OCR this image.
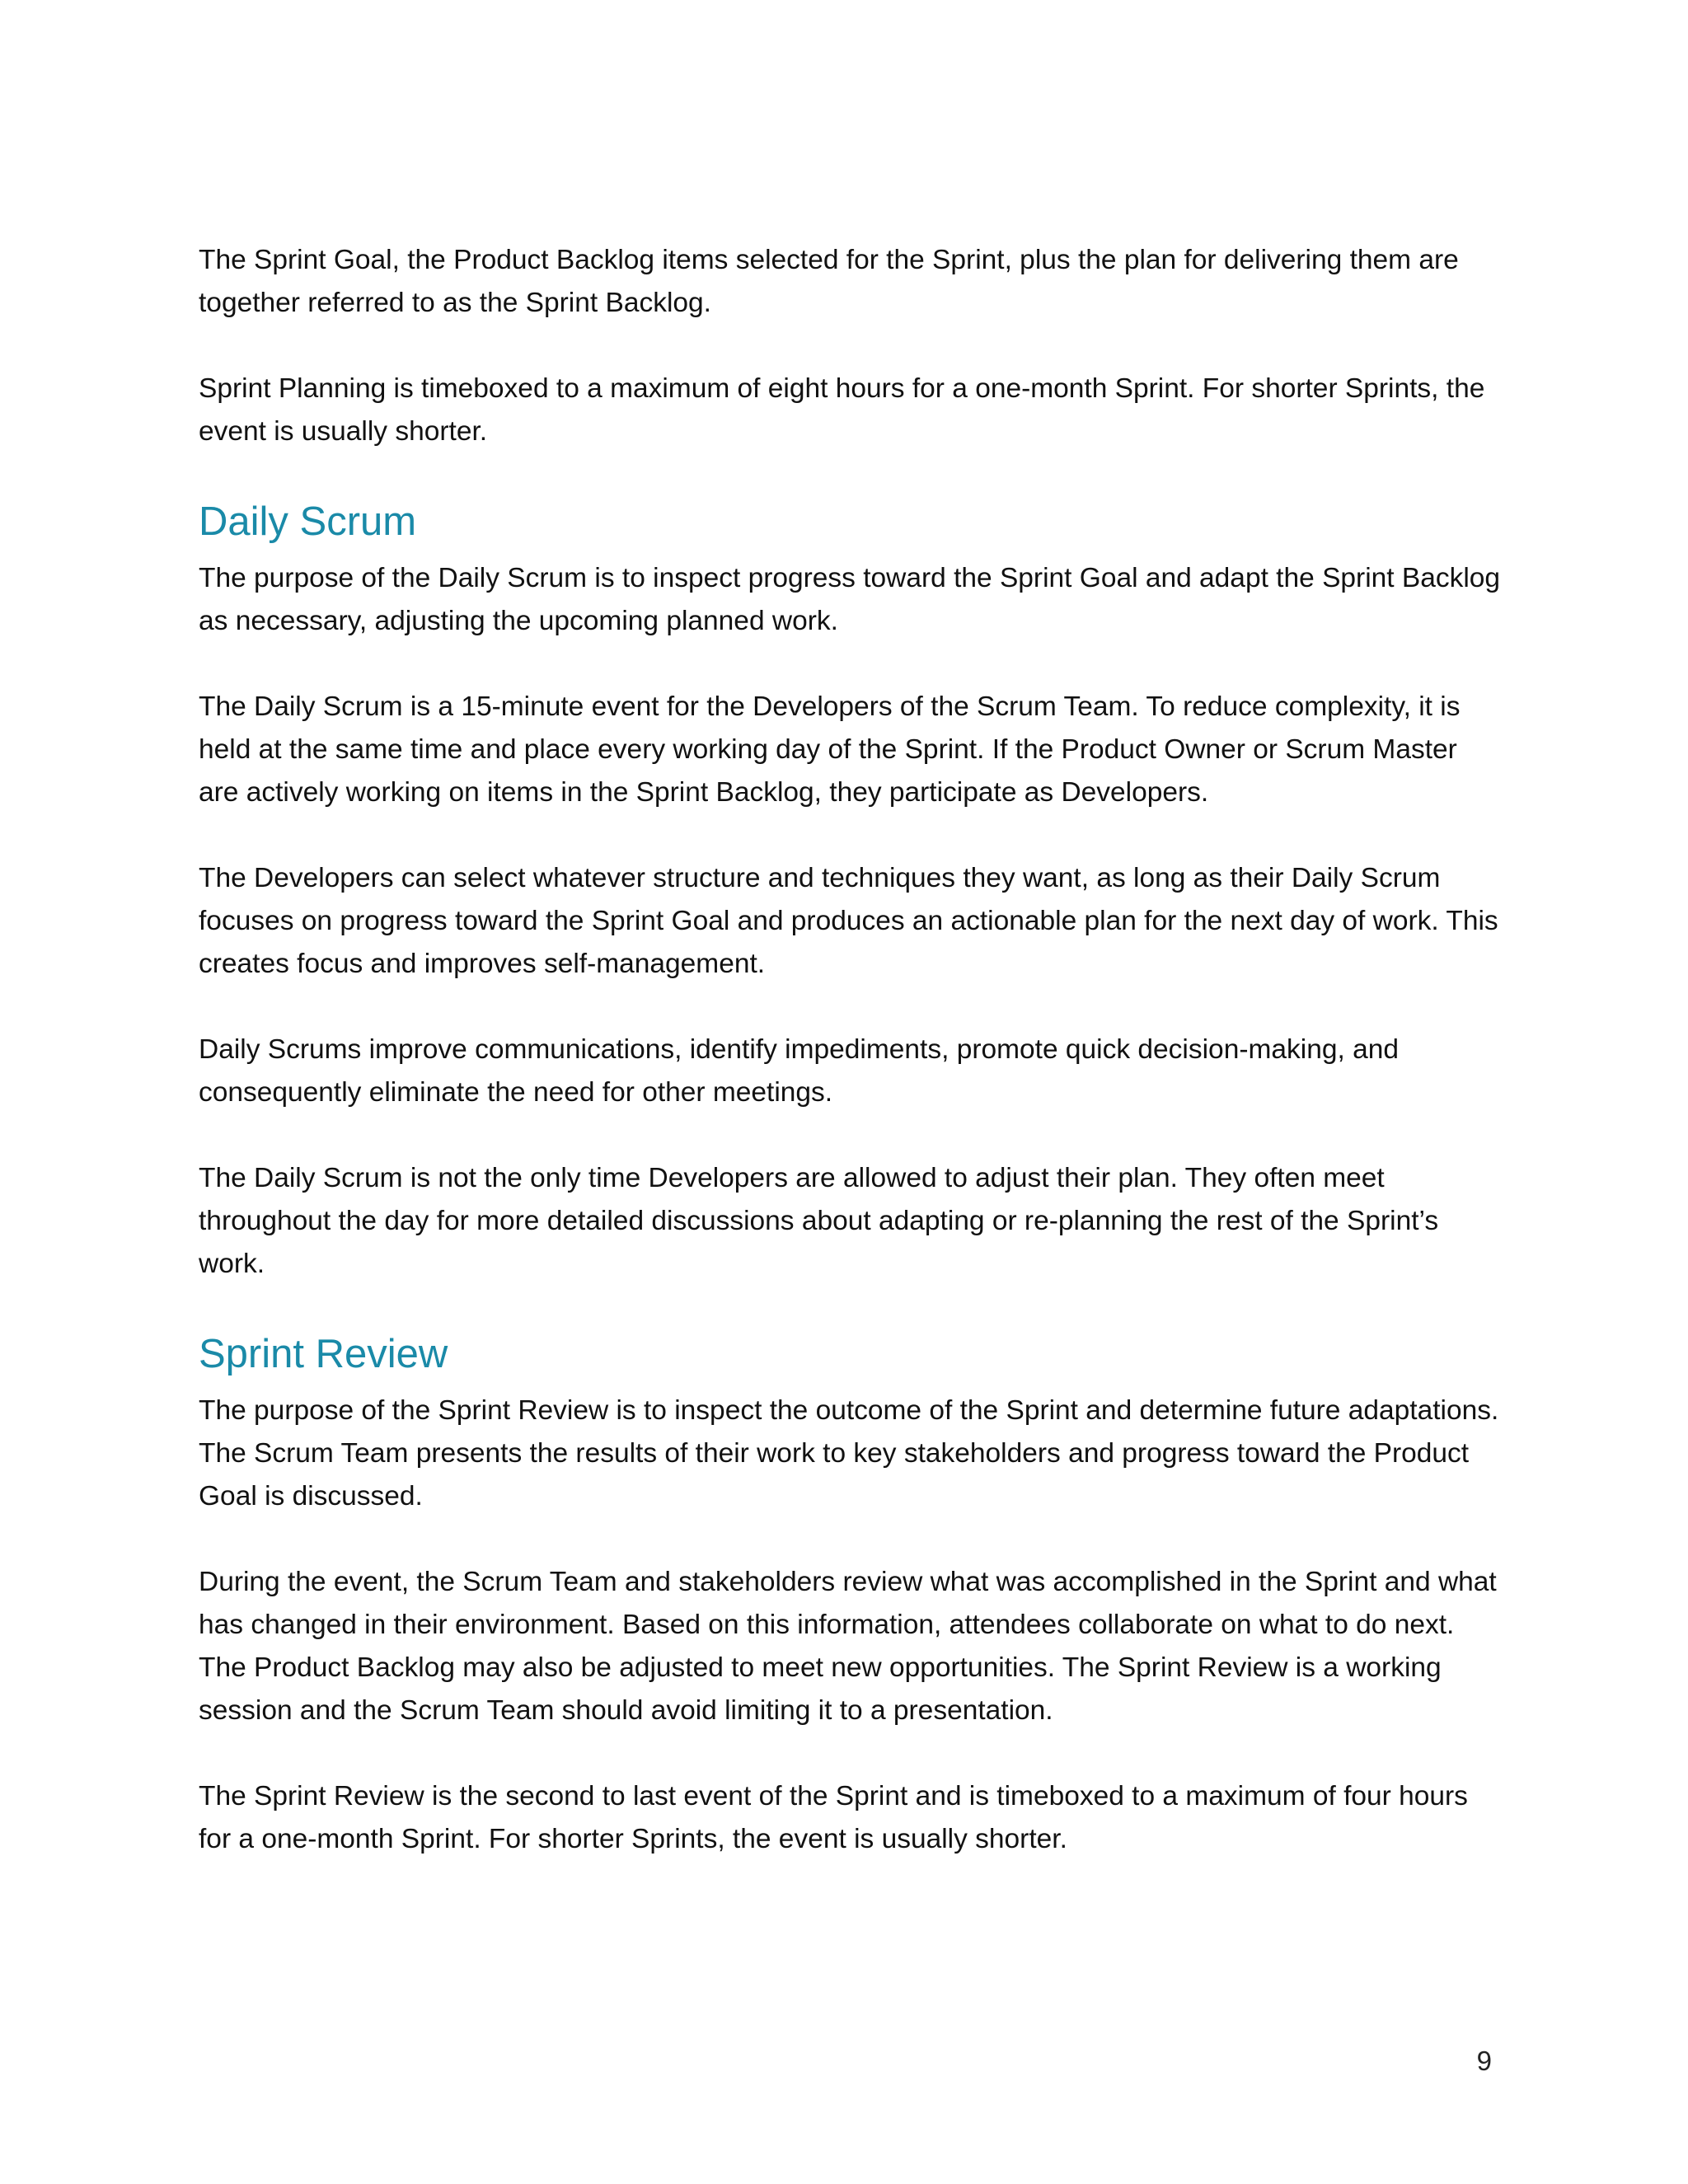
The Sprint Goal, the Product Backlog items selected for the Sprint, plus the plan for delivering them are together referred to as the Sprint Backlog.

Sprint Planning is timeboxed to a maximum of eight hours for a one-month Sprint. For shorter Sprints, the event is usually shorter.

Daily Scrum

The purpose of the Daily Scrum is to inspect progress toward the Sprint Goal and adapt the Sprint Backlog as necessary, adjusting the upcoming planned work.

The Daily Scrum is a 15-minute event for the Developers of the Scrum Team. To reduce complexity, it is held at the same time and place every working day of the Sprint. If the Product Owner or Scrum Master are actively working on items in the Sprint Backlog, they participate as Developers.

The Developers can select whatever structure and techniques they want, as long as their Daily Scrum focuses on progress toward the Sprint Goal and produces an actionable plan for the next day of work. This creates focus and improves self-management.

Daily Scrums improve communications, identify impediments, promote quick decision-making, and consequently eliminate the need for other meetings.

The Daily Scrum is not the only time Developers are allowed to adjust their plan. They often meet throughout the day for more detailed discussions about adapting or re-planning the rest of the Sprint’s work.

Sprint Review

The purpose of the Sprint Review is to inspect the outcome of the Sprint and determine future adaptations. The Scrum Team presents the results of their work to key stakeholders and progress toward the Product Goal is discussed.

During the event, the Scrum Team and stakeholders review what was accomplished in the Sprint and what has changed in their environment. Based on this information, attendees collaborate on what to do next. The Product Backlog may also be adjusted to meet new opportunities. The Sprint Review is a working session and the Scrum Team should avoid limiting it to a presentation.

The Sprint Review is the second to last event of the Sprint and is timeboxed to a maximum of four hours for a one-month Sprint. For shorter Sprints, the event is usually shorter.

9
